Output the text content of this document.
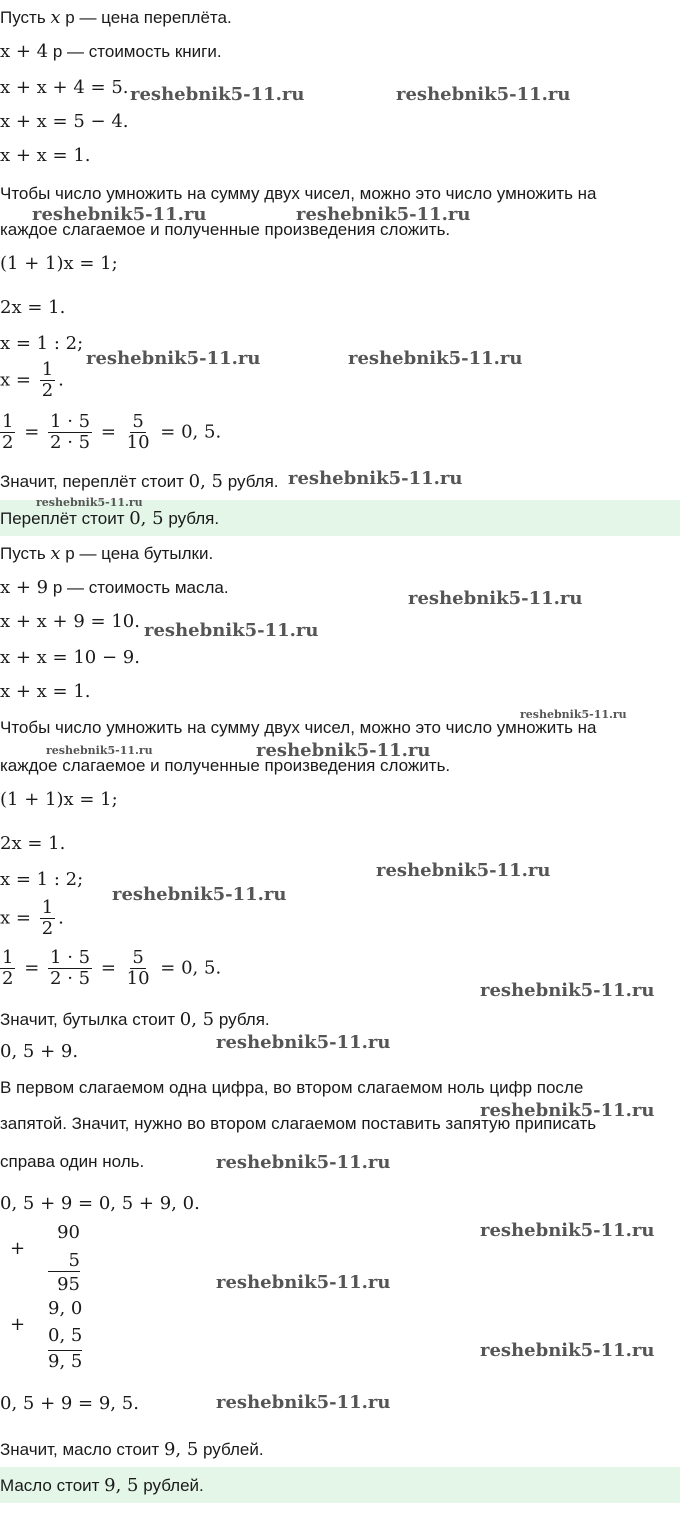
Пусть x р — цена переплёта.
x + 4 р — стоимость книги.
x + x + 4 = 5.
x + x = 5 − 4.
x + x = 1.
Чтобы число умножить на сумму двух чисел, можно это число умножить на
каждое слагаемое и полученные произведения сложить.
(1 + 1)x = 1;
2x = 1.
x = 1 : 2;
$x = \frac{1}{2}$ .
$\frac{1}{2} = \frac{1 \cdot 5}{2 \cdot 5} = \frac{5}{10} = 0$, 5.
Значит, переплёт стоит 0, 5 рубля.
Переплёт стоит 0, 5 рубля.
Пусть x р — цена бутылки.
x + 9 р — стоимость масла.
x + x + 9 = 10.
x + x = 10 − 9.
x + x = 1.
Чтобы число умножить на сумму двух чисел, можно это число умножить на
каждое слагаемое и полученные произведения сложить.
(1 + 1)x = 1;
2x = 1.
x = 1 : 2;
$x = \frac{1}{2}$ .
$\frac{1}{2} = \frac{1 \cdot 5}{2 \cdot 5} = \frac{5}{10} = 0$, 5.
Значит, бутылка стоит 0, 5 рубля.
0, 5 + 9.
В первом слагаемом одна цифра, во втором слагаемом ноль цифр после
запятой. Значит, нужно во втором слагаемом поставить запятую приписать
справа один ноль.
0, 5 + 9 = 0, 5 + 9, 0.
+
90
5
95
+
9, 0
0, 5
9, 5
0, 5 + 9 = 9, 5.
Значит, масло стоит 9, 5 рублей.
Масло стоит 9, 5 рублей.
reshebnik5-11.ru	reshebnik5-11.ru
reshebnik5-11.ru	reshebnik5-11.ru
reshebnik5-11.ru	reshebnik5-11.ru
reshebnik5-11.ru
reshebnik5-11.ru
reshebnik5-11.ru
reshebnik5-11.ru
reshebnik5-11.ru
reshebnik5-11.ru	reshebnik5-11.ru
reshebnik5-11.ru
reshebnik5-11.ru
reshebnik5-11.ru
reshebnik5-11.ru
reshebnik5-11.ru
reshebnik5-11.ru
reshebnik5-11.ru
reshebnik5-11.ru
reshebnik5-11.ru
reshebnik5-11.ru
